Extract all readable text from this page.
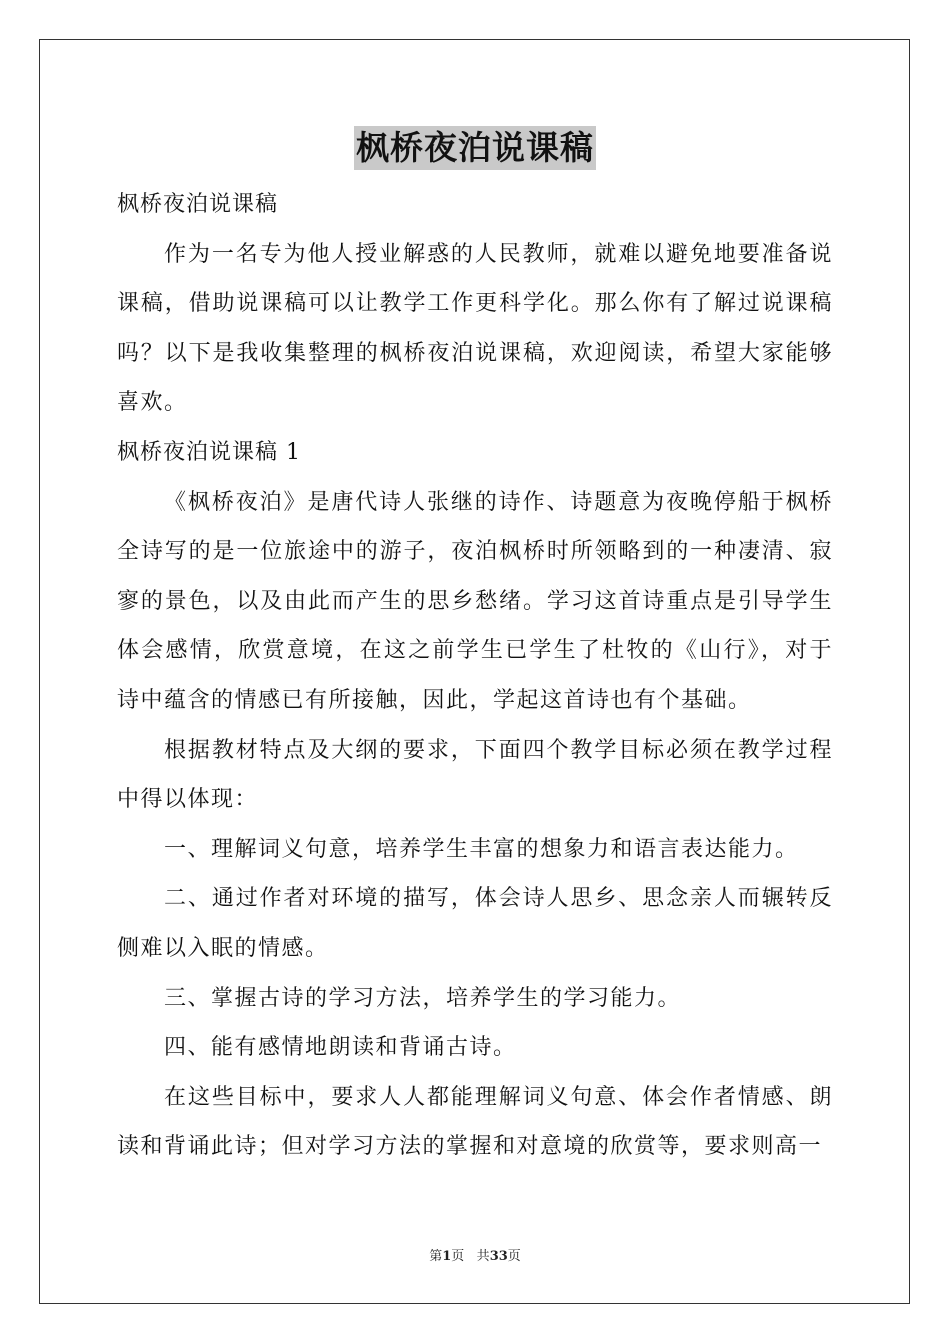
枫桥夜泊说课稿

枫桥夜泊说课稿

作为一名专为他人授业解惑的人民教师，就难以避免地要准备说课稿，借助说课稿可以让教学工作更科学化。那么你有了解过说课稿吗？以下是我收集整理的枫桥夜泊说课稿，欢迎阅读，希望大家能够喜欢。

枫桥夜泊说课稿 1

《枫桥夜泊》是唐代诗人张继的诗作、诗题意为夜晚停船于枫桥全诗写的是一位旅途中的游子，夜泊枫桥时所领略到的一种凄清、寂寥的景色，以及由此而产生的思乡愁绪。学习这首诗重点是引导学生体会感情，欣赏意境，在这之前学生已学生了杜牧的《山行》，对于诗中蕴含的情感已有所接触，因此，学起这首诗也有个基础。

根据教材特点及大纲的要求，下面四个教学目标必须在教学过程中得以体现：

一、理解词义句意，培养学生丰富的想象力和语言表达能力。

二、通过作者对环境的描写，体会诗人思乡、思念亲人而辗转反侧难以入眠的情感。

三、掌握古诗的学习方法，培养学生的学习能力。

四、能有感情地朗读和背诵古诗。

在这些目标中，要求人人都能理解词义句意、体会作者情感、朗读和背诵此诗；但对学习方法的掌握和对意境的欣赏等，要求则高一

第1页 共33页
